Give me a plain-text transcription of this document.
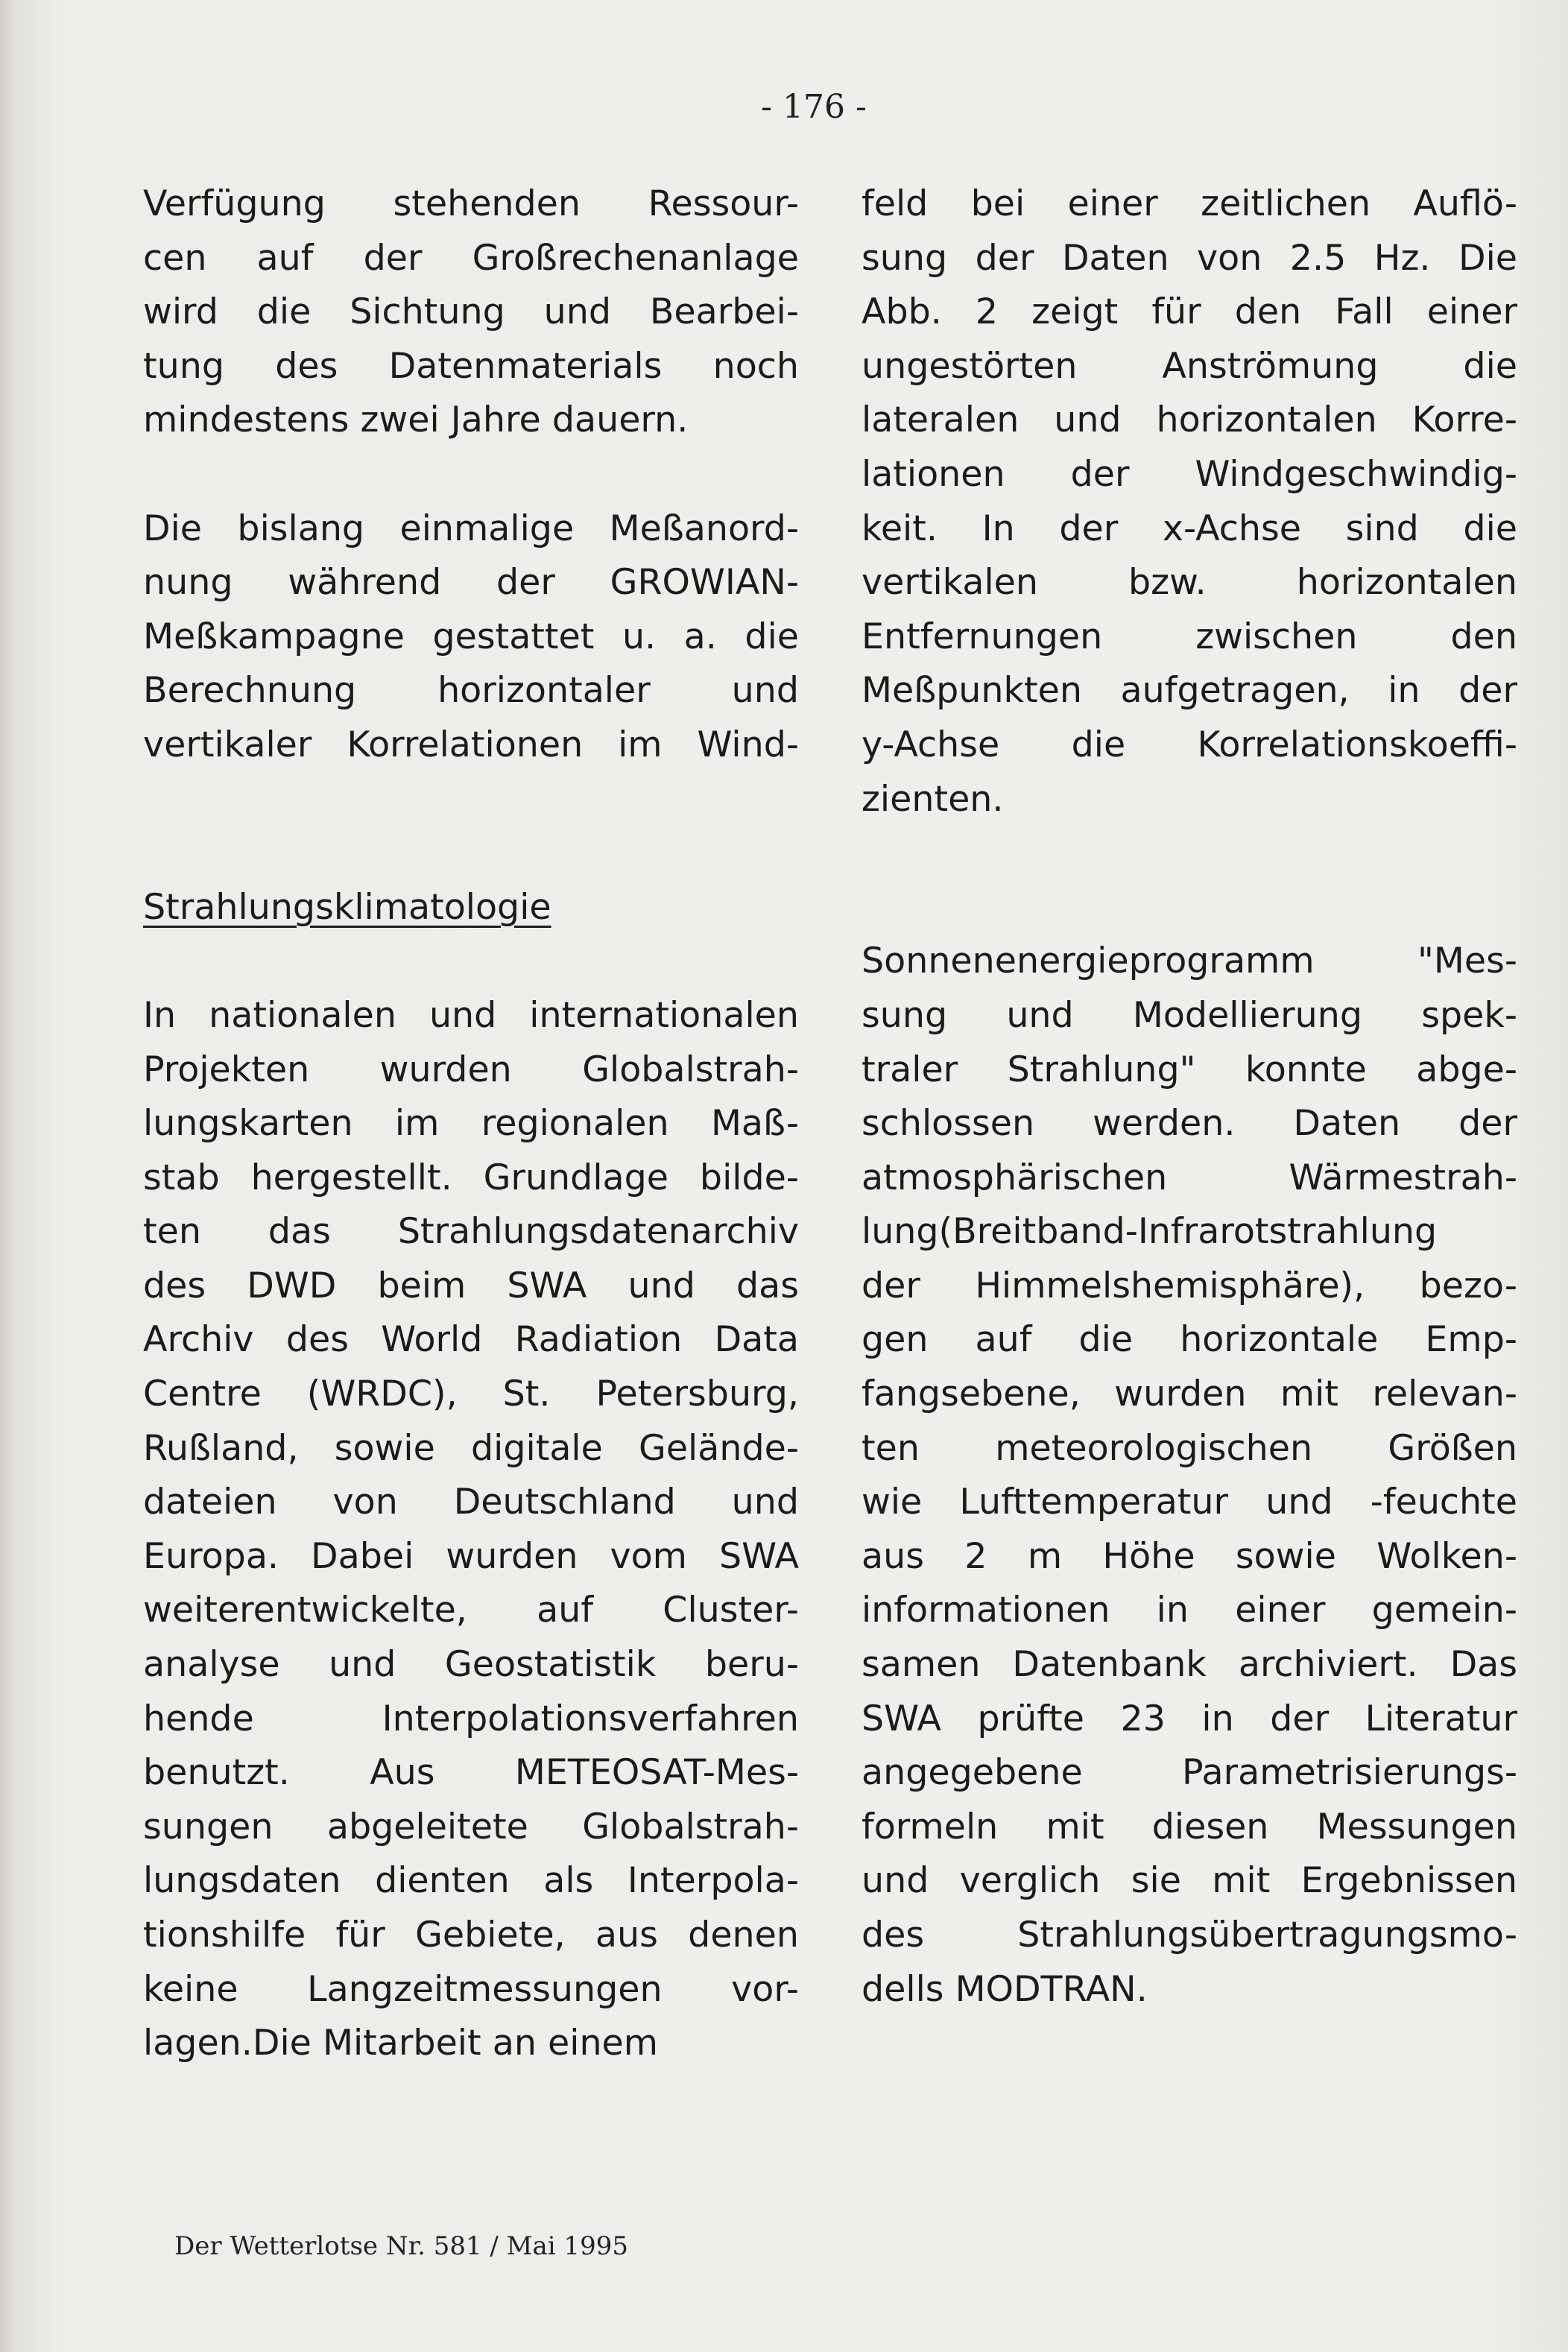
- 176 -
Verfügung stehenden Ressour-
cen auf der Großrechenanlage
wird die Sichtung und Bearbei-
tung des Datenmaterials noch
mindestens zwei Jahre dauern.
Die bislang einmalige Meßanord-
nung während der GROWIAN-
Meßkampagne gestattet u. a. die
Berechnung horizontaler und
vertikaler Korrelationen im Wind-
Strahlungsklimatologie
In nationalen und internationalen
Projekten wurden Globalstrah-
lungskarten im regionalen Maß-
stab hergestellt. Grundlage bilde-
ten das Strahlungsdatenarchiv
des DWD beim SWA und das
Archiv des World Radiation Data
Centre (WRDC), St. Petersburg,
Rußland, sowie digitale Gelände-
dateien von Deutschland und
Europa. Dabei wurden vom SWA
weiterentwickelte, auf Cluster-
analyse und Geostatistik beru-
hende Interpolationsverfahren
benutzt. Aus METEOSAT-Mes-
sungen abgeleitete Globalstrah-
lungsdaten dienten als Interpola-
tionshilfe für Gebiete, aus denen
keine Langzeitmessungen vor-
lagen.Die Mitarbeit an einem
feld bei einer zeitlichen Auflö-
sung der Daten von 2.5 Hz. Die
Abb. 2 zeigt für den Fall einer
ungestörten Anströmung die
lateralen und horizontalen Korre-
lationen der Windgeschwindig-
keit. In der x-Achse sind die
vertikalen bzw. horizontalen
Entfernungen zwischen den
Meßpunkten aufgetragen, in der
y-Achse die Korrelationskoeffi-
zienten.
Sonnenenergieprogramm "Mes-
sung und Modellierung spek-
traler Strahlung" konnte abge-
schlossen werden. Daten der
atmosphärischen Wärmestrah-
lung(Breitband-Infrarotstrahlung
der Himmelshemisphäre), bezo-
gen auf die horizontale Emp-
fangsebene, wurden mit relevan-
ten meteorologischen Größen
wie Lufttemperatur und -feuchte
aus 2 m Höhe sowie Wolken-
informationen in einer gemein-
samen Datenbank archiviert. Das
SWA prüfte 23 in der Literatur
angegebene Parametrisierungs-
formeln mit diesen Messungen
und verglich sie mit Ergebnissen
des Strahlungsübertragungsmo-
dells MODTRAN.
Der Wetterlotse Nr. 581 / Mai 1995
